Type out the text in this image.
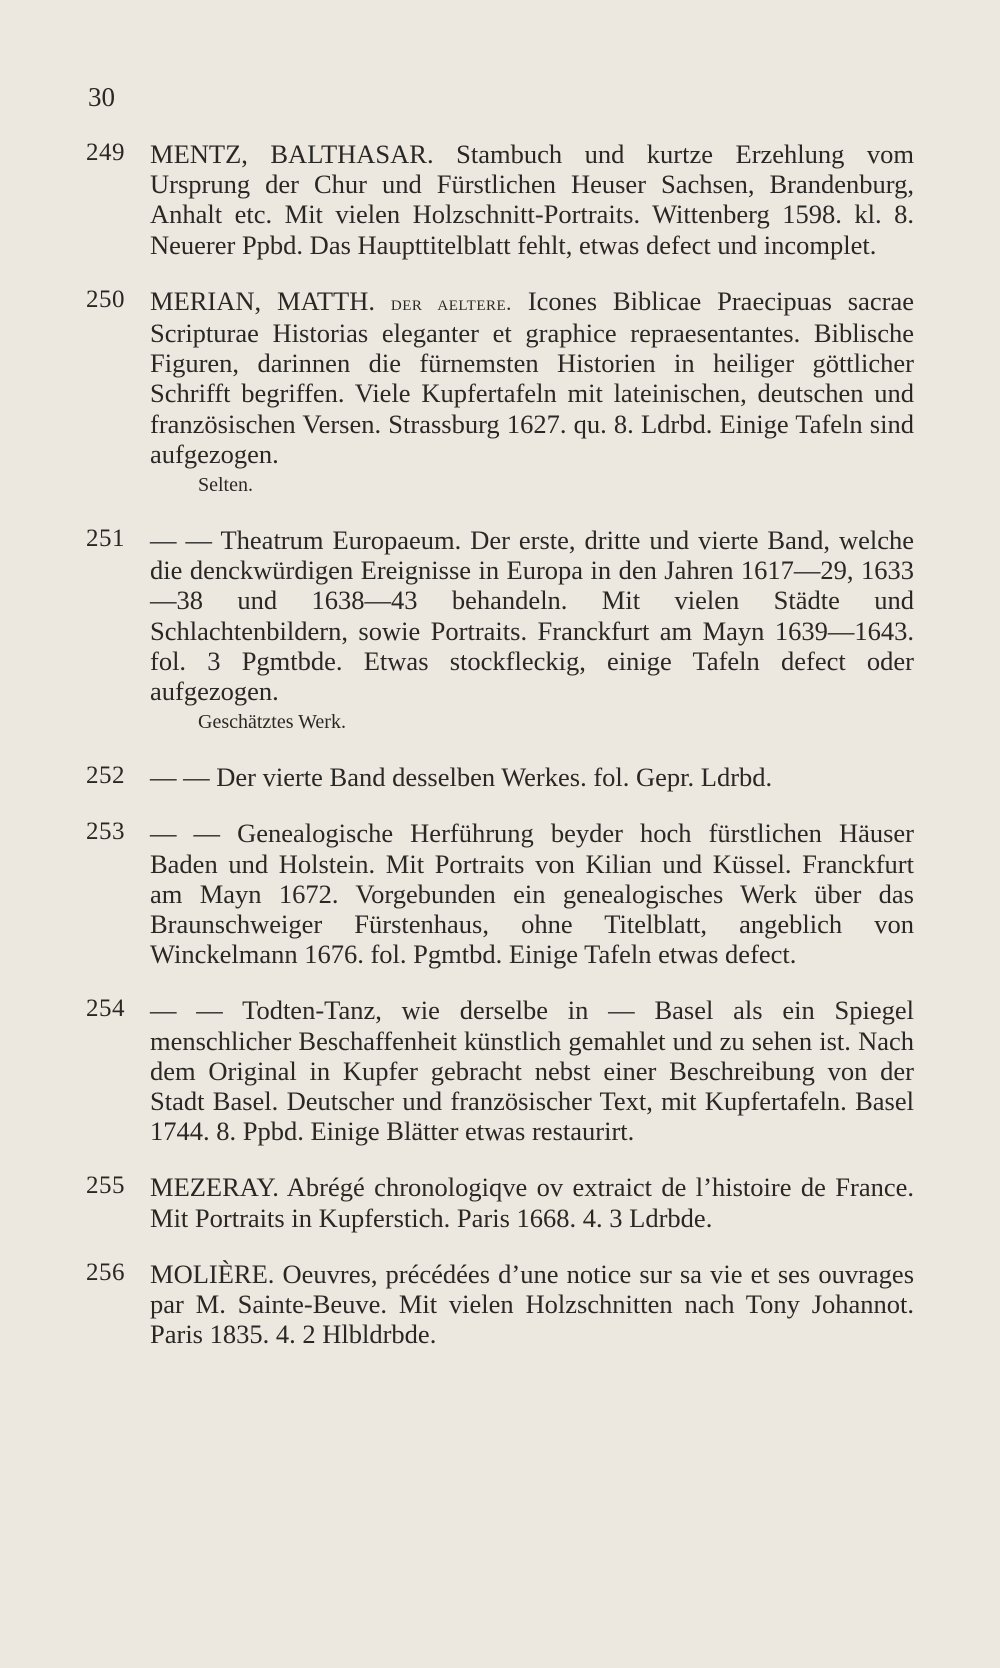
30
249 MENTZ, BALTHASAR. Stambuch und kurtze Erzehlung vom Ursprung der Chur und Fürstlichen Heuser Sachsen, Brandenburg, Anhalt etc. Mit vielen Holzschnitt-Portraits. Wittenberg 1598. kl. 8. Neuerer Ppbd. Das Haupttitelblatt fehlt, etwas defect und incomplet.
250 MERIAN, MATTH. der aeltere. Icones Biblicae Praecipuas sacrae Scripturae Historias eleganter et graphice repraesentantes. Biblische Figuren, darinnen die fürnemsten Historien in heiliger göttlicher Schrifft begriffen. Viele Kupfertafeln mit lateinischen, deutschen und französischen Versen. Strassburg 1627. qu. 8. Ldrbd. Einige Tafeln sind aufgezogen.
Selten.
251 — — Theatrum Europaeum. Der erste, dritte und vierte Band, welche die denckwürdigen Ereignisse in Europa in den Jahren 1617—29, 1633—38 und 1638—43 behandeln. Mit vielen Städte und Schlachtenbildern, sowie Portraits. Franckfurt am Mayn 1639—1643. fol. 3 Pgmtbde. Etwas stockfleckig, einige Tafeln defect oder aufgezogen.
Geschätztes Werk.
252 — — Der vierte Band desselben Werkes. fol. Gepr. Ldrbd.
253 — — Genealogische Herführung beyder hoch fürstlichen Häuser Baden und Holstein. Mit Portraits von Kilian und Küssel. Franckfurt am Mayn 1672. Vorgebunden ein genealogisches Werk über das Braunschweiger Fürstenhaus, ohne Titelblatt, angeblich von Winckelmann 1676. fol. Pgmtbd. Einige Tafeln etwas defect.
254 — — Todten-Tanz, wie derselbe in — Basel als ein Spiegel menschlicher Beschaffenheit künstlich gemahlet und zu sehen ist. Nach dem Original in Kupfer gebracht nebst einer Beschreibung von der Stadt Basel. Deutscher und französischer Text, mit Kupfertafeln. Basel 1744. 8. Ppbd. Einige Blätter etwas restaurirt.
255 MEZERAY. Abrégé chronologiqve ov extraict de l’histoire de France. Mit Portraits in Kupferstich. Paris 1668. 4. 3 Ldrbde.
256 MOLIÈRE. Oeuvres, précédées d’une notice sur sa vie et ses ouvrages par M. Sainte-Beuve. Mit vielen Holzschnitten nach Tony Johannot. Paris 1835. 4. 2 Hlbldrbde.
